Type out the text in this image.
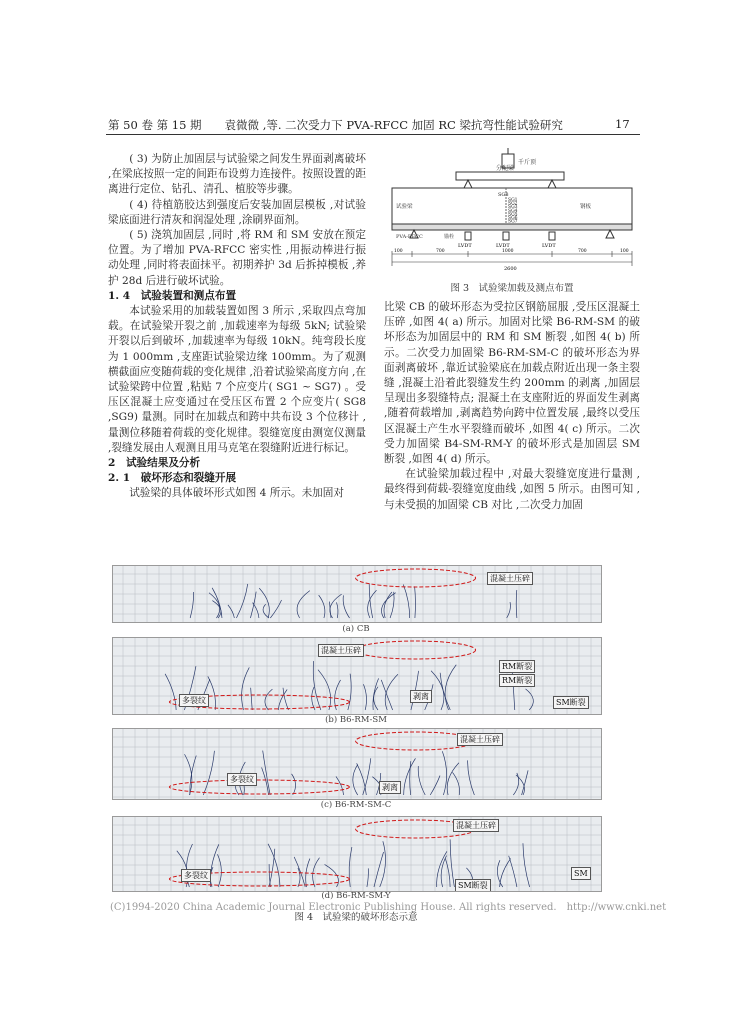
第 50 卷 第 15 期　　袁微微 ,等. 二次受力下 PVA-RFCC 加固 RC 梁抗弯性能试验研究	17

( 3) 为防止加固层与试验梁之间发生界面剥离破坏 ,在梁底按照一定的间距布设剪力连接件。按照设置的距离进行定位、钻孔、清孔、植胶等步骤。

( 4) 待植筋胶达到强度后安装加固层模板 ,对试验梁底面进行清灰和润湿处理 ,涂刷界面剂。

( 5) 浇筑加固层 ,同时 ,将 RM 和 SM 安放在预定位置。为了增加 PVA-RFCC 密实性 ,用振动棒进行振动处理 ,同时将表面抹平。初期养护 3d 后拆掉模板 ,养护 28d 后进行破坏试验。

1. 4　试验装置和测点布置

本试验采用的加载装置如图 3 所示 ,采取四点弯加载。在试验梁开裂之前 ,加载速率为每级 5kN; 试验梁开裂以后到破坏 ,加载速率为每级 10kN。纯弯段长度为 1 000mm ,支座距试验梁边缘 100mm。为了观测横截面应变随荷载的变化规律 ,沿着试验梁高度方向 ,在试验梁跨中位置 ,粘贴 7 个应变片( SG1 ~ SG7) 。受压区混凝土应变通过在受压区布置 2 个应变片( SG8 ,SG9) 量测。同时在加载点和跨中共布设 3 个位移计 ,量测位移随着荷载的变化规律。裂缝宽度由测宽仪测量 ,裂缝发展由人观测且用马克笔在裂缝附近进行标记。

2　试验结果及分析

2. 1　破坏形态和裂缝开展

试验梁的具体破坏形式如图 4 所示。未加固对

千斤顶
分配梁
SG8
SG1
SG2
SG3
SG4
SG5
SG6
SG7
试验梁	钢板
PVA-RFCC	锚栓
LVDT	LVDT	LVDT
100	700	1000	700	100
2600
图 3　试验梁加载及测点布置

比梁 CB 的破坏形态为受拉区钢筋屈服 ,受压区混凝土压碎 ,如图 4( a) 所示。加固对比梁 B6-RM-SM 的破坏形态为加固层中的 RM 和 SM 断裂 ,如图 4( b) 所示。二次受力加固梁 B6-RM-SM-C 的破坏形态为界面剥离破坏 ,靠近试验梁底在加载点附近出现一条主裂缝 ,混凝土沿着此裂缝发生约 200mm 的剥离 ,加固层呈现出多裂缝特点; 混凝土在支座附近的界面发生剥离 ,随着荷载增加 ,剥离趋势向跨中位置发展 ,最终以受压区混凝土产生水平裂缝而破坏 ,如图 4( c) 所示。二次受力加固梁 B4-SM-RM-Y 的破坏形式是加固层 SM 断裂 ,如图 4( d) 所示。

在试验梁加载过程中 ,对最大裂缝宽度进行量测 ,最终得到荷载-裂缝宽度曲线 ,如图 5 所示。由图可知 ,与未受损的加固梁 CB 对比 ,二次受力加固

混凝土压碎
(a) CB
混凝土压碎
RM断裂
RM断裂
多裂纹	剥离
SM断裂
(b) B6-RM-SM
混凝土压碎
多裂纹
剥离
(c) B6-RM-SM-C
混凝土压碎
多裂纹
SM断裂
SM
(d) B6-RM-SM-Y
(C)1994-2020 China Academic Journal Electronic Publishing House. All rights reserved.　http://www.cnki.net
图 4　试验梁的破坏形态示意
